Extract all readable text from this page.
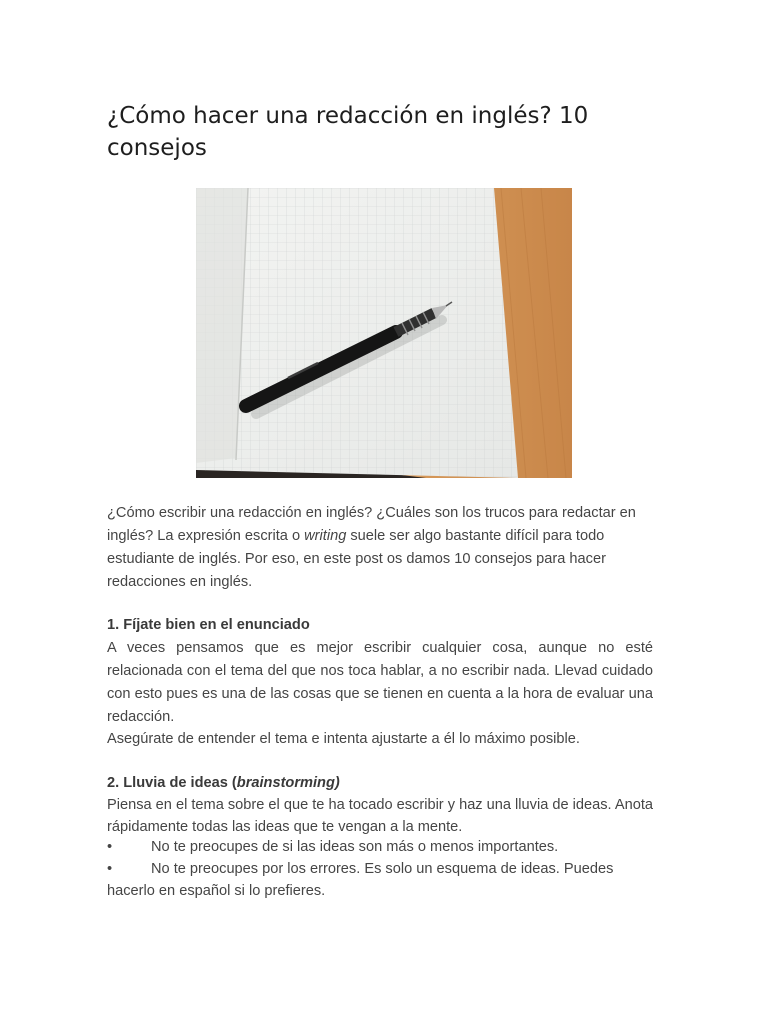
¿Cómo hacer una redacción en inglés? 10 consejos

¿Cómo escribir una redacción en inglés? ¿Cuáles son los trucos para redactar en inglés? La expresión escrita o writing suele ser algo bastante difícil para todo estudiante de inglés. Por eso, en este post os damos 10 consejos para hacer redacciones en inglés.

1. Fíjate bien en el enunciado

A veces pensamos que es mejor escribir cualquier cosa, aunque no esté relacionada con el tema del que nos toca hablar, a no escribir nada. Llevad cuidado con esto pues es una de las cosas que se tienen en cuenta a la hora de evaluar una redacción.

Asegúrate de entender el tema e intenta ajustarte a él lo máximo posible.

2. Lluvia de ideas (brainstorming)

Piensa en el tema sobre el que te ha tocado escribir y haz una lluvia de ideas. Anota rápidamente todas las ideas que te vengan a la mente.

•	No te preocupes de si las ideas son más o menos importantes.
•	No te preocupes por los errores. Es solo un esquema de ideas. Puedes hacerlo en español si lo prefieres.
